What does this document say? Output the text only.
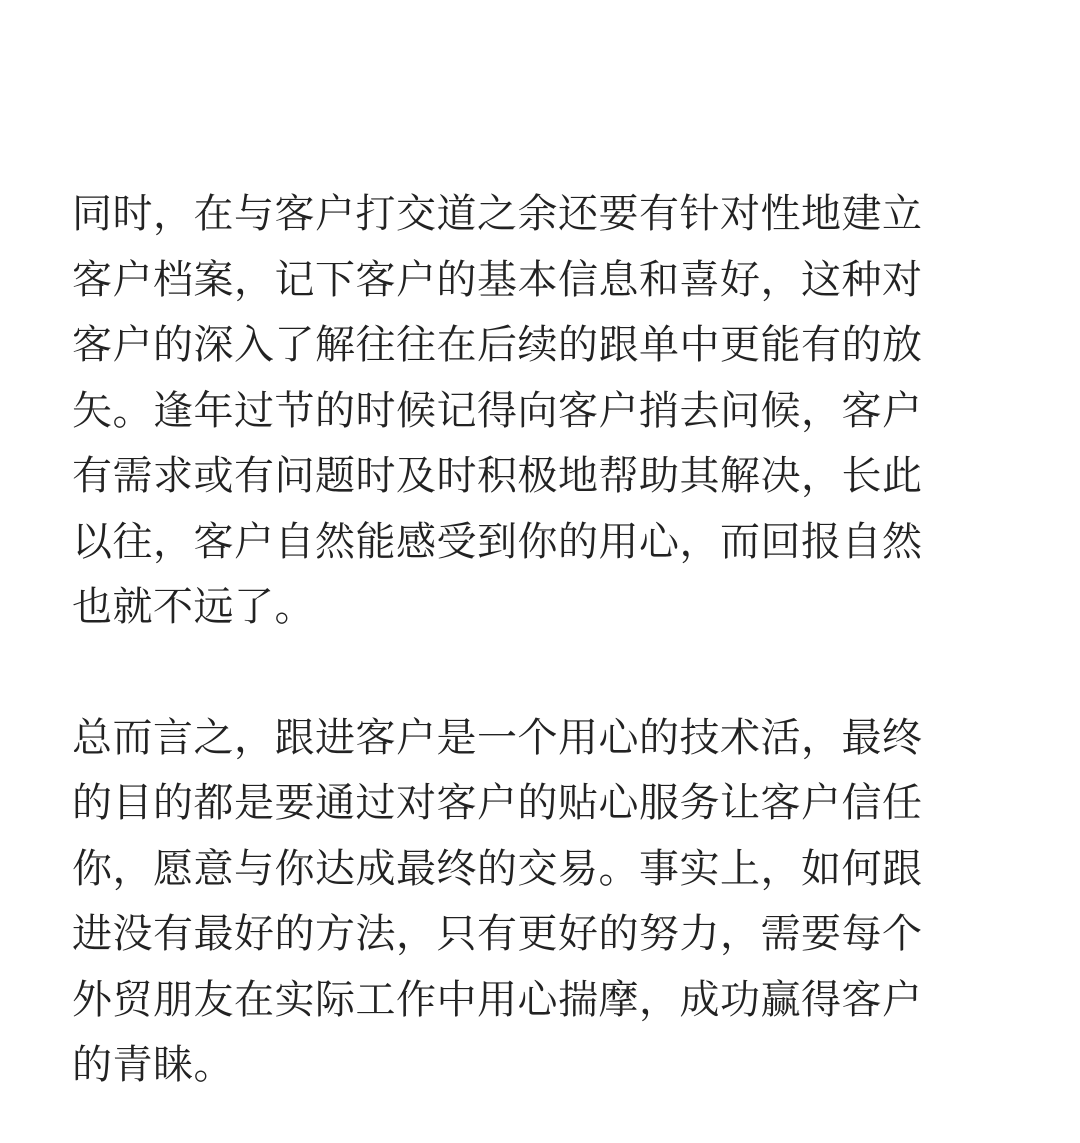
同时，在与客户打交道之余还要有针对性地建立
客户档案，记下客户的基本信息和喜好，这种对
客户的深入了解往往在后续的跟单中更能有的放
矢。逢年过节的时候记得向客户捎去问候，客户
有需求或有问题时及时积极地帮助其解决，长此
以往，客户自然能感受到你的用心，而回报自然
也就不远了。

总而言之，跟进客户是一个用心的技术活，最终
的目的都是要通过对客户的贴心服务让客户信任
你，愿意与你达成最终的交易。事实上，如何跟
进没有最好的方法，只有更好的努力，需要每个
外贸朋友在实际工作中用心揣摩，成功赢得客户
的青睐。
